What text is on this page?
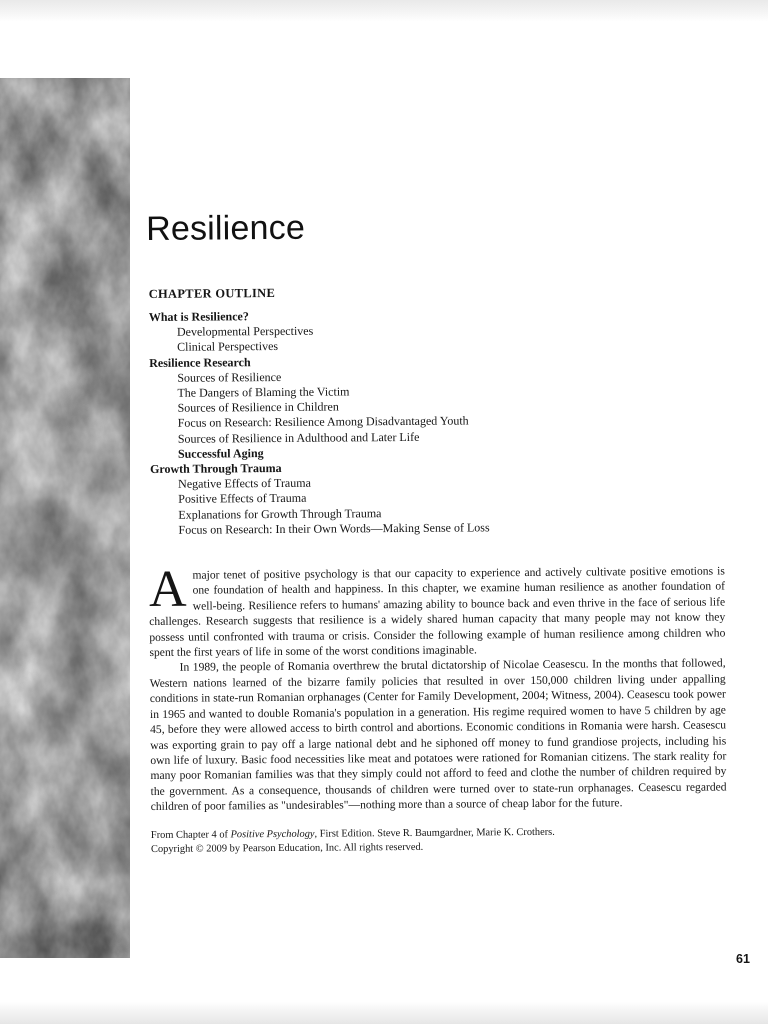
Resilience
CHAPTER OUTLINE
What is Resilience?
Developmental Perspectives
Clinical Perspectives
Resilience Research
Sources of Resilience
The Dangers of Blaming the Victim
Sources of Resilience in Children
Focus on Research: Resilience Among Disadvantaged Youth
Sources of Resilience in Adulthood and Later Life
Successful Aging
Growth Through Trauma
Negative Effects of Trauma
Positive Effects of Trauma
Explanations for Growth Through Trauma
Focus on Research: In their Own Words—Making Sense of Loss

Amajor tenet of positive psychology is that our capacity to experience and actively cultivate positive emotions is one foundation of health and happiness. In this chapter, we examine human resilience as another foundation of well-being. Resilience refers to humans' amazing ability to bounce back and even thrive in the face of serious life challenges. Research suggests that resilience is a widely shared human capacity that many people may not know they possess until confronted with trauma or crisis. Consider the following example of human resilience among children who spent the first years of life in some of the worst conditions imaginable.

In 1989, the people of Romania overthrew the brutal dictatorship of Nicolae Ceasescu. In the months that followed, Western nations learned of the bizarre family policies that resulted in over 150,000 children living under appalling conditions in state-run Romanian orphanages (Center for Family Development, 2004; Witness, 2004). Ceasescu took power in 1965 and wanted to double Romania's population in a generation. His regime required women to have 5 children by age 45, before they were allowed access to birth control and abortions. Economic conditions in Romania were harsh. Ceasescu was exporting grain to pay off a large national debt and he siphoned off money to fund grandiose projects, including his own life of luxury. Basic food necessities like meat and potatoes were rationed for Romanian citizens. The stark reality for many poor Romanian families was that they simply could not afford to feed and clothe the number of children required by the government. As a consequence, thousands of children were turned over to state-run orphanages. Ceasescu regarded children of poor families as "undesirables"—nothing more than a source of cheap labor for the future.

From Chapter 4 of Positive Psychology, First Edition. Steve R. Baumgardner, Marie K. Crothers.
Copyright © 2009 by Pearson Education, Inc. All rights reserved.
61
